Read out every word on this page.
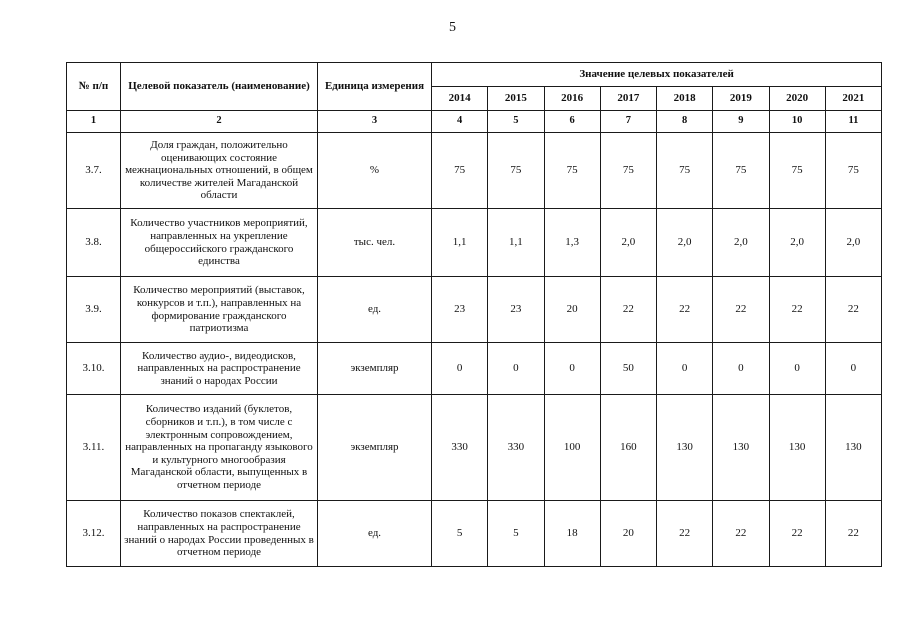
5
№ п/п	Целевой показатель (наименование)	Единица измерения	Значение целевых показателей							
			2014	2015	2016	2017	2018	2019	2020	2021
1	2	3	4	5	6	7	8	9	10	11
3.7.	Доля граждан, положительно оценивающих состояние межнациональных отношений, в общем количестве жителей Магаданской области	%	75	75	75	75	75	75	75	75
3.8.	Количество участников мероприятий, направленных на укрепление общероссийского гражданского единства	тыс. чел.	1,1	1,1	1,3	2,0	2,0	2,0	2,0	2,0
3.9.	Количество мероприятий (выставок, конкурсов и т.п.), направленных на формирование гражданского патриотизма	ед.	23	23	20	22	22	22	22	22
3.10.	Количество аудио-, видеодисков, направленных на распространение знаний о народах России	экземпляр	0	0	0	50	0	0	0	0
3.11.	Количество изданий (буклетов, сборников и т.п.), в том числе с электронным сопровождением, направленных на пропаганду языкового и культурного многообразия Магаданской области, выпущенных в отчетном периоде	экземпляр	330	330	100	160	130	130	130	130
3.12.	Количество показов спектаклей, направленных на распространение знаний о народах России проведенных в отчетном периоде	ед.	5	5	18	20	22	22	22	22
